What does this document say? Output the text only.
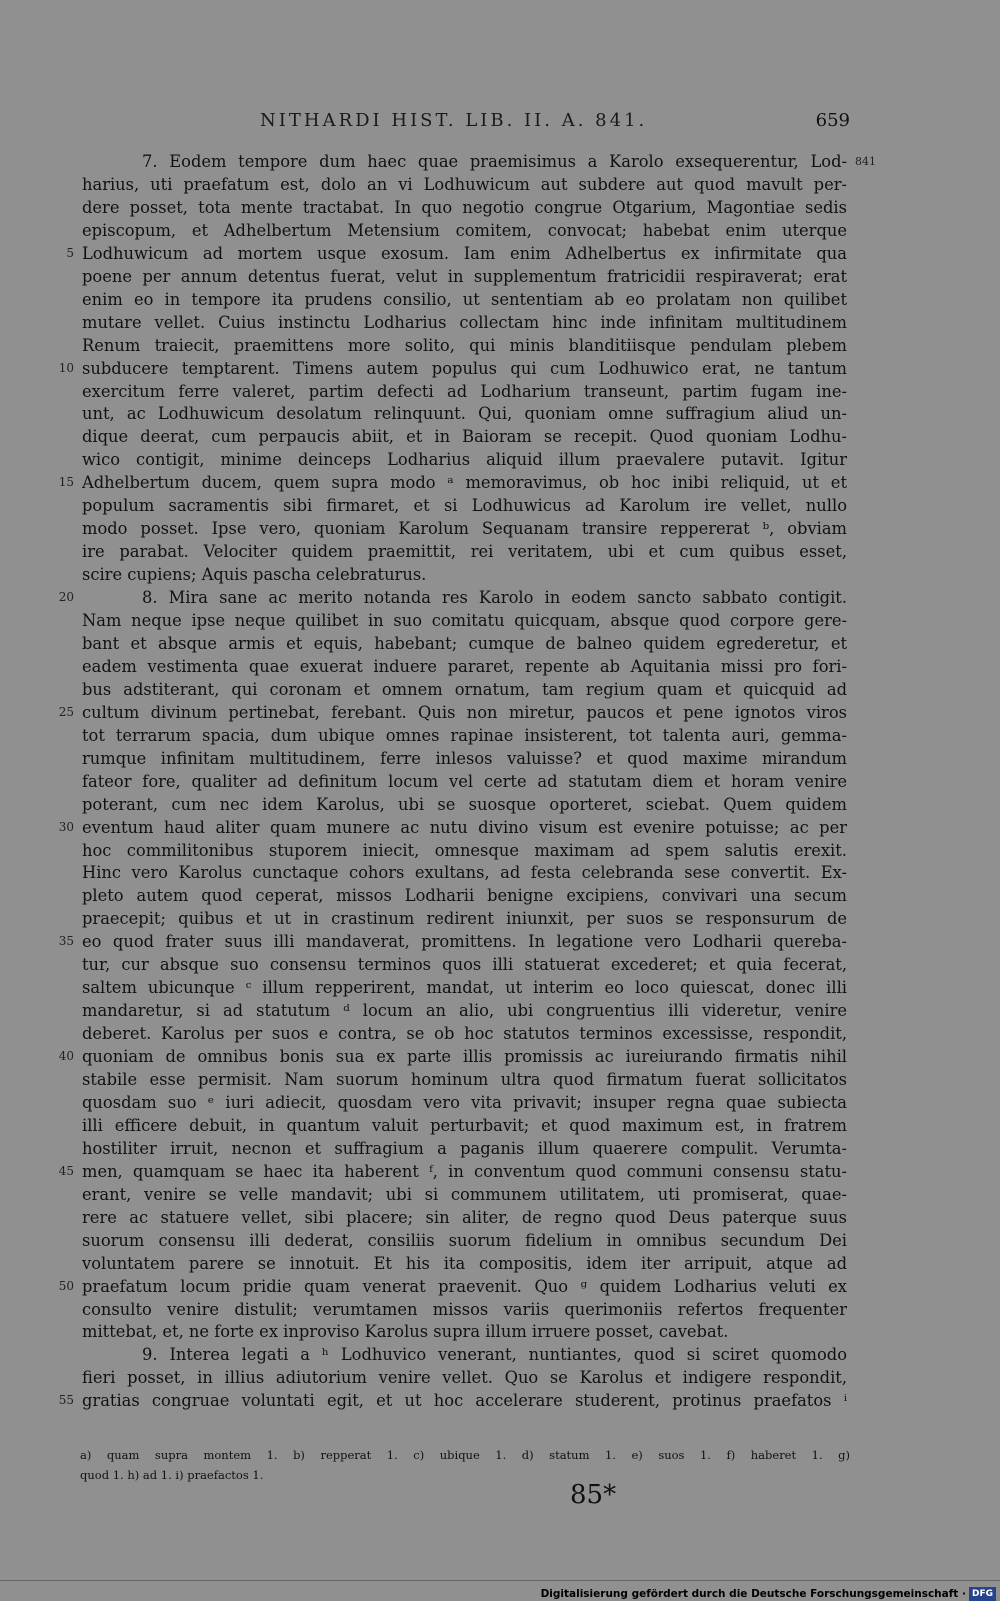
NITHARDI HIST. LIB. II. A. 841.	659
841
7. Eodem tempore dum haec quae praemisimus a Karolo exsequerentur, Lod-
harius, uti praefatum est, dolo an vi Lodhuwicum aut subdere aut quod mavult per-
dere posset, tota mente tractabat. In quo negotio congrue Otgarium, Magontiae sedis
episcopum, et Adhelbertum Metensium comitem, convocat; habebat enim uterque
5 Lodhuwicum ad mortem usque exosum. Iam enim Adhelbertus ex infirmitate qua
poene per annum detentus fuerat, velut in supplementum fratricidii respiraverat; erat
enim eo in tempore ita prudens consilio, ut sententiam ab eo prolatam non quilibet
mutare vellet. Cuius instinctu Lodharius collectam hinc inde infinitam multitudinem
Renum traiecit, praemittens more solito, qui minis blanditiisque pendulam plebem
10 subducere temptarent. Timens autem populus qui cum Lodhuwico erat, ne tantum
exercitum ferre valeret, partim defecti ad Lodharium transeunt, partim fugam ine-
unt, ac Lodhuwicum desolatum relinquunt. Qui, quoniam omne suffragium aliud un-
dique deerat, cum perpaucis abiit, et in Baioram se recepit. Quod quoniam Lodhu-
wico contigit, minime deinceps Lodharius aliquid illum praevalere putavit. Igitur
15 Adhelbertum ducem, quem supra modo ᵃ memoravimus, ob hoc inibi reliquid, ut et
populum sacramentis sibi firmaret, et si Lodhuwicus ad Karolum ire vellet, nullo
modo posset. Ipse vero, quoniam Karolum Sequanam transire reppererat ᵇ, obviam
ire parabat. Velociter quidem praemittit, rei veritatem, ubi et cum quibus esset,
scire cupiens; Aquis pascha celebraturus.
20	8. Mira sane ac merito notanda res Karolo in eodem sancto sabbato contigit.
Nam neque ipse neque quilibet in suo comitatu quicquam, absque quod corpore gere-
bant et absque armis et equis, habebant; cumque de balneo quidem egrederetur, et
eadem vestimenta quae exuerat induere pararet, repente ab Aquitania missi pro fori-
bus adstiterant, qui coronam et omnem ornatum, tam regium quam et quicquid ad
25 cultum divinum pertinebat, ferebant. Quis non miretur, paucos et pene ignotos viros
tot terrarum spacia, dum ubique omnes rapinae insisterent, tot talenta auri, gemma-
rumque infinitam multitudinem, ferre inlesos valuisse? et quod maxime mirandum
fateor fore, qualiter ad definitum locum vel certe ad statutam diem et horam venire
poterant, cum nec idem Karolus, ubi se suosque oporteret, sciebat. Quem quidem
30 eventum haud aliter quam munere ac nutu divino visum est evenire potuisse; ac per
hoc commilitonibus stuporem iniecit, omnesque maximam ad spem salutis erexit.
Hinc vero Karolus cunctaque cohors exultans, ad festa celebranda sese convertit. Ex-
pleto autem quod ceperat, missos Lodharii benigne excipiens, convivari una secum
praecepit; quibus et ut in crastinum redirent iniunxit, per suos se responsurum de
35 eo quod frater suus illi mandaverat, promittens. In legatione vero Lodharii querеba-
tur, cur absque suo consensu terminos quos illi statuerat excederet; et quia fecerat,
saltem ubicunque ᶜ illum repperirent, mandat, ut interim eo loco quiescat, donec illi
mandaretur, si ad statutum ᵈ locum an alio, ubi congruentius illi videretur, venire
deberet. Karolus per suos e contra, se ob hoc statutos terminos excessisse, respondit,
40 quoniam de omnibus bonis sua ex parte illis promissis ac iureiurando firmatis nihil
stabile esse permisit. Nam suorum hominum ultra quod firmatum fuerat sollicitatos
quosdam suo ᵉ iuri adiecit, quosdam vero vita privavit; insuper regna quae subiecta
illi efficere debuit, in quantum valuit perturbavit; et quod maximum est, in fratrem
hostiliter irruit, necnon et suffragium a paganis illum quaerere compulit. Verumta-
45 men, quamquam se haec ita haberent ᶠ, in conventum quod communi consensu statu-
erant, venire se velle mandavit; ubi si communem utilitatem, uti promiserat, quae-
rere ac statuere vellet, sibi placere; sin aliter, de regno quod Deus paterque suus
suorum consensu illi dederat, consiliis suorum fidelium in omnibus secundum Dei
voluntatem parere se innotuit. Et his ita compositis, idem iter arripuit, atque ad
50 praefatum locum pridie quam venerat praevenit. Quo ᵍ quidem Lodharius veluti ex
consulto venire distulit; verumtamen missos variis querimoniis refertos frequenter
mittebat, et, ne forte ex inproviso Karolus supra illum irruere posset, cavebat.
9. Interea legati a ʰ Lodhuvico venerant, nuntiantes, quod si sciret quomodo
fieri posset, in illius adiutorium venire vellet. Quo se Karolus et indigere respondit,
55 gratias congruae voluntati egit, et ut hoc accelerare studerent, protinus praefatos ⁱ
a) quam supra montem 1. b) repperat 1. c) ubique 1. d) statum 1. e) suos 1. f) haberet 1. g)
quod 1. h) ad 1. i) praefactos 1.
85*
Digitalisierung gefördert durch die Deutsche Forschungsgemeinschaft · DFG
